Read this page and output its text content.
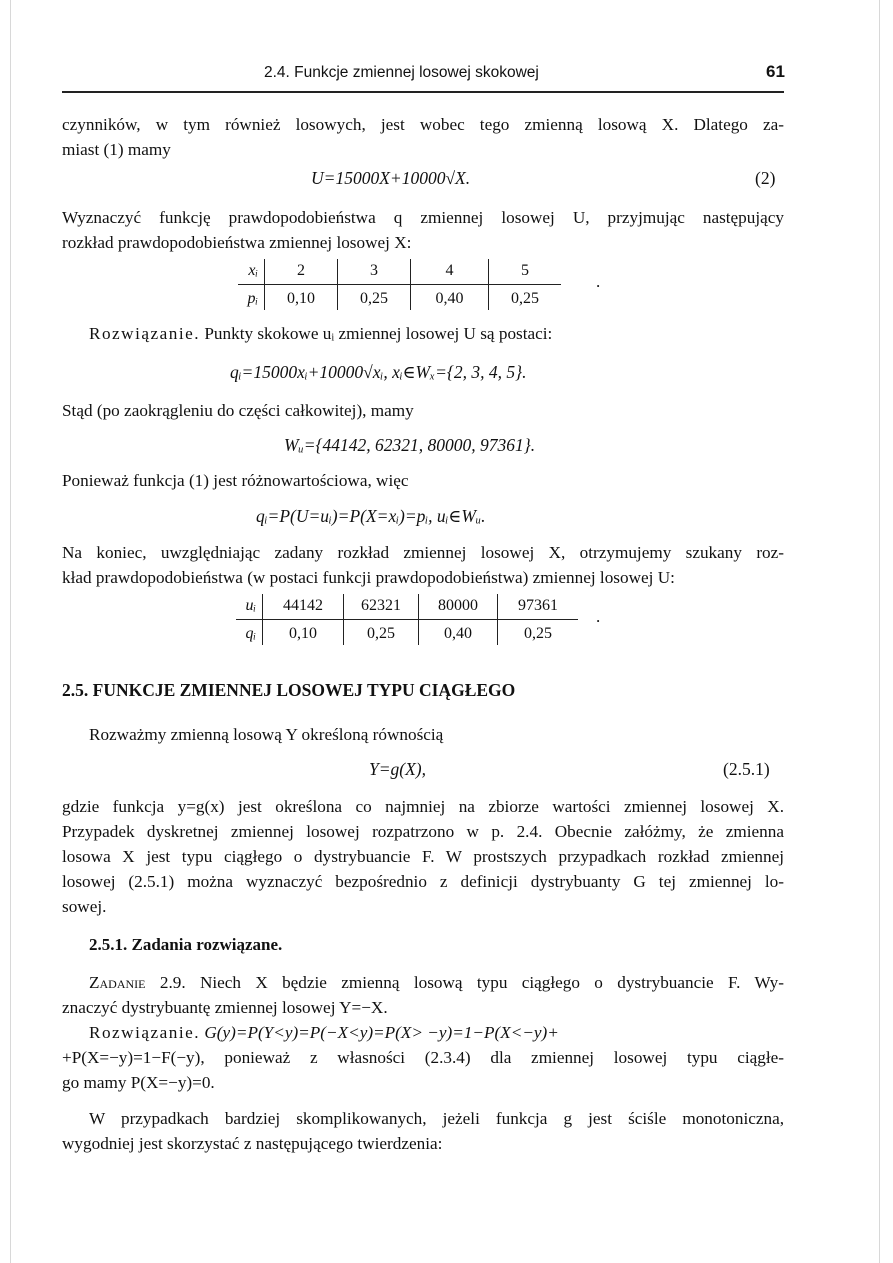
2.4. Funkcje zmiennej losowej skokowej	61
czynników, w tym również losowych, jest wobec tego zmienną losową X. Dlatego za-
miast (1) mamy
U=15000X+10000√X.	(2)
Wyznaczyć funkcję prawdopodobieństwa q zmiennej losowej U, przyjmując następujący
rozkład prawdopodobieństwa zmiennej losowej X:
xᵢ	2	3	4	5
pᵢ	0,10	0,25	0,40	0,25
.
Rozwiązanie. Punkty skokowe uᵢ zmiennej losowej U są postaci:
qᵢ=15000xᵢ+10000√xᵢ, xᵢ∈Wₓ={2, 3, 4, 5}.
Stąd (po zaokrągleniu do części całkowitej), mamy
Wᵤ={44142, 62321, 80000, 97361}.
Ponieważ funkcja (1) jest różnowartościowa, więc
qᵢ=P(U=uᵢ)=P(X=xᵢ)=pᵢ, uᵢ∈Wᵤ.
Na koniec, uwzględniając zadany rozkład zmiennej losowej X, otrzymujemy szukany roz-
kład prawdopodobieństwa (w postaci funkcji prawdopodobieństwa) zmiennej losowej U:
uᵢ	44142	62321	80000	97361
qᵢ	0,10	0,25	0,40	0,25
.
2.5. FUNKCJE ZMIENNEJ LOSOWEJ TYPU CIĄGŁEGO
Rozważmy zmienną losową Y określoną równością
Y=g(X),	(2.5.1)
gdzie funkcja y=g(x) jest określona co najmniej na zbiorze wartości zmiennej losowej X.
Przypadek dyskretnej zmiennej losowej rozpatrzono w p. 2.4. Obecnie załóżmy, że zmienna
losowa X jest typu ciągłego o dystrybuancie F. W prostszych przypadkach rozkład zmiennej
losowej (2.5.1) można wyznaczyć bezpośrednio z definicji dystrybuanty G tej zmiennej lo-
sowej.
2.5.1. Zadania rozwiązane.
Zadanie 2.9. Niech X będzie zmienną losową typu ciągłego o dystrybuancie F. Wy-
znaczyć dystrybuantę zmiennej losowej Y=−X.
Rozwiązanie. G(y)=P(Y<y)=P(−X<y)=P(X> −y)=1−P(X<−y)+
+P(X=−y)=1−F(−y), ponieważ z własności (2.3.4) dla zmiennej losowej typu ciągłe-
go mamy P(X=−y)=0.
W przypadkach bardziej skomplikowanych, jeżeli funkcja g jest ściśle monotoniczna,
wygodniej jest skorzystać z następującego twierdzenia:
